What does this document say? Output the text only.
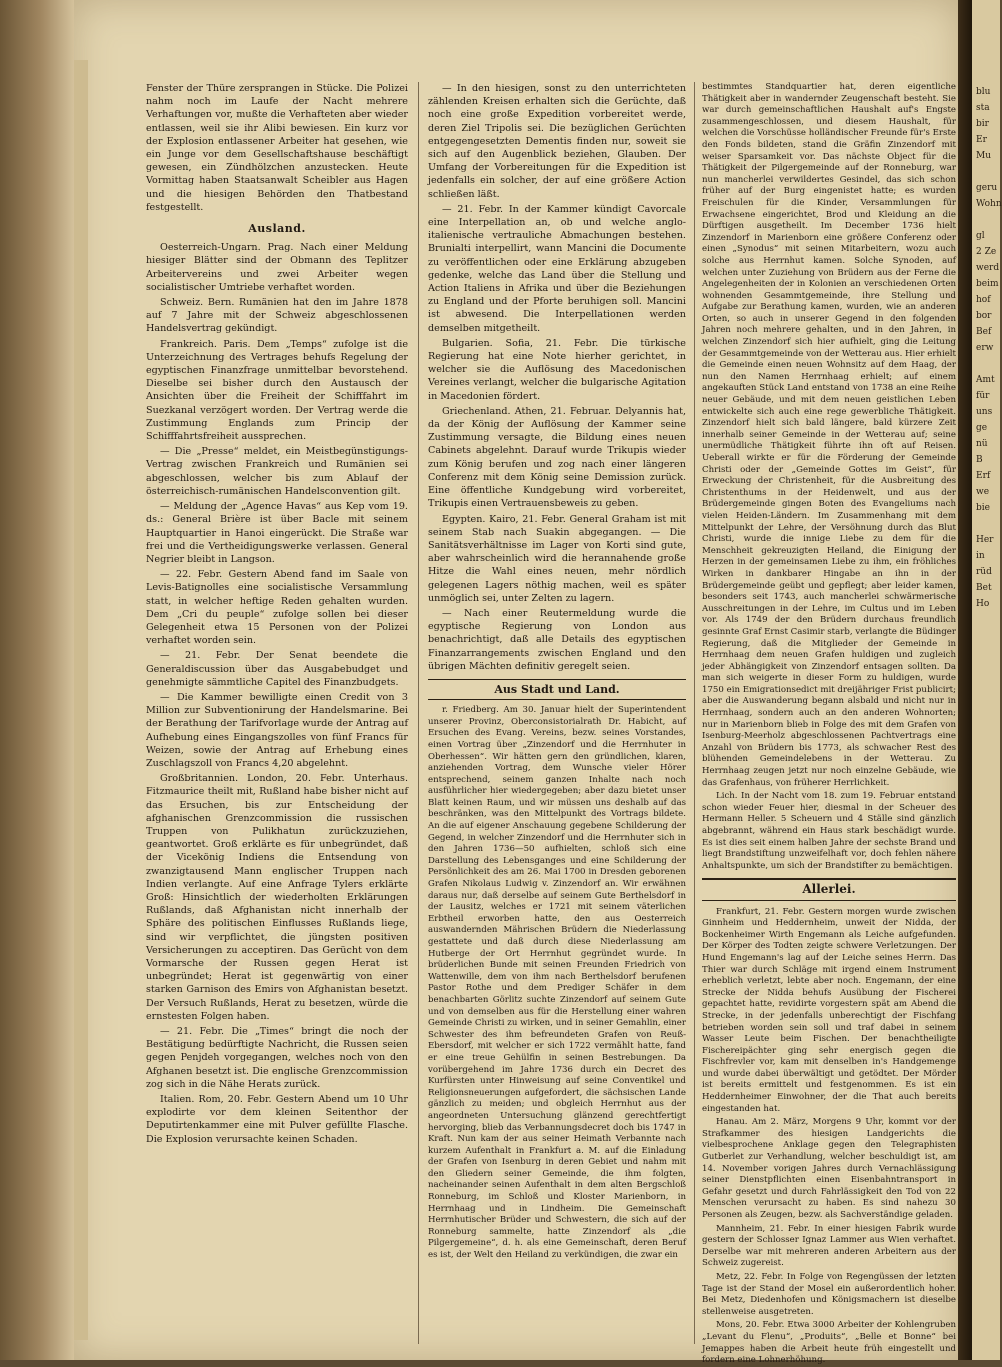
Fenster der Thüre zersprangen in Stücke. Die Polizei nahm noch im Laufe der Nacht mehrere Verhaftungen vor, mußte die Verhafteten aber wieder entlassen, weil sie ihr Alibi bewiesen. Ein kurz vor der Explosion entlassener Arbeiter hat gesehen, wie ein Junge vor dem Gesellschaftshause beschäftigt gewesen, ein Zündhölzchen anzustecken. Heute Vormittag haben Staatsanwalt Scheibler aus Hagen und die hiesigen Behörden den Thatbestand festgestellt.

Ausland.

Oesterreich-Ungarn. Prag. Nach einer Meldung hiesiger Blätter sind der Obmann des Teplitzer Arbeitervereins und zwei Arbeiter wegen socialistischer Umtriebe verhaftet worden.

Schweiz. Bern. Rumänien hat den im Jahre 1878 auf 7 Jahre mit der Schweiz abgeschlossenen Handelsvertrag gekündigt.

Frankreich. Paris. Dem „Temps“ zufolge ist die Unterzeichnung des Vertrages behufs Regelung der egyptischen Finanzfrage unmittelbar bevorstehend. Dieselbe sei bisher durch den Austausch der Ansichten über die Freiheit der Schifffahrt im Suezkanal verzögert worden. Der Vertrag werde die Zustimmung Englands zum Princip der Schifffahrtsfreiheit aussprechen.

— Die „Presse“ meldet, ein Meistbegünstigungs-Vertrag zwischen Frankreich und Rumänien sei abgeschlossen, welcher bis zum Ablauf der österreichisch-rumänischen Handelsconvention gilt.

— Meldung der „Agence Havas“ aus Kep vom 19. ds.: General Brière ist über Bacle mit seinem Hauptquartier in Hanoi eingerückt. Die Straße war frei und die Vertheidigungswerke verlassen. General Negrier bleibt in Langson.

— 22. Febr. Gestern Abend fand im Saale von Levis-Batignolles eine socialistische Versammlung statt, in welcher heftige Reden gehalten wurden. Dem „Cri du peuple“ zufolge sollen bei dieser Gelegenheit etwa 15 Personen von der Polizei verhaftet worden sein.

— 21. Febr. Der Senat beendete die Generaldiscussion über das Ausgabebudget und genehmigte sämmtliche Capitel des Finanzbudgets.

— Die Kammer bewilligte einen Credit von 3 Million zur Subventionirung der Handelsmarine. Bei der Berathung der Tarifvorlage wurde der Antrag auf Aufhebung eines Eingangszolles von fünf Francs für Weizen, sowie der Antrag auf Erhebung eines Zuschlagszoll von Francs 4,20 abgelehnt.

Großbritannien. London, 20. Febr. Unterhaus. Fitzmaurice theilt mit, Rußland habe bisher nicht auf das Ersuchen, bis zur Entscheidung der afghanischen Grenzcommission die russischen Truppen von Pulikhatun zurückzuziehen, geantwortet. Groß erklärte es für unbegründet, daß der Vicekönig Indiens die Entsendung von zwanzigtausend Mann englischer Truppen nach Indien verlangte. Auf eine Anfrage Tylers erklärte Groß: Hinsichtlich der wiederholten Erklärungen Rußlands, daß Afghanistan nicht innerhalb der Sphäre des politischen Einflusses Rußlands liege, sind wir verpflichtet, die jüngsten positiven Versicherungen zu acceptiren. Das Gerücht von dem Vormarsche der Russen gegen Herat ist unbegründet; Herat ist gegenwärtig von einer starken Garnison des Emirs von Afghanistan besetzt. Der Versuch Rußlands, Herat zu besetzen, würde die ernstesten Folgen haben.

— 21. Febr. Die „Times“ bringt die noch der Bestätigung bedürftigte Nachricht, die Russen seien gegen Penjdeh vorgegangen, welches noch von den Afghanen besetzt ist. Die englische Grenzcommission zog sich in die Nähe Herats zurück.

Italien. Rom, 20. Febr. Gestern Abend um 10 Uhr explodirte vor dem kleinen Seitenthor der Deputirtenkammer eine mit Pulver gefüllte Flasche. Die Explosion verursachte keinen Schaden.

— In den hiesigen, sonst zu den unterrichteten zählenden Kreisen erhalten sich die Gerüchte, daß noch eine große Expedition vorbereitet werde, deren Ziel Tripolis sei. Die bezüglichen Gerüchten entgegengesetzten Dementis finden nur, soweit sie sich auf den Augenblick beziehen, Glauben. Der Umfang der Vorbereitungen für die Expedition ist jedenfalls ein solcher, der auf eine größere Action schließen läßt.

— 21. Febr. In der Kammer kündigt Cavorcale eine Interpellation an, ob und welche anglo-italienische vertrauliche Abmachungen bestehen. Brunialti interpellirt, wann Mancini die Documente zu veröffentlichen oder eine Erklärung abzugeben gedenke, welche das Land über die Stellung und Action Italiens in Afrika und über die Beziehungen zu England und der Pforte beruhigen soll. Mancini ist abwesend. Die Interpellationen werden demselben mitgetheilt.

Bulgarien. Sofia, 21. Febr. Die türkische Regierung hat eine Note hierher gerichtet, in welcher sie die Auflösung des Macedonischen Vereines verlangt, welcher die bulgarische Agitation in Macedonien fördert.

Griechenland. Athen, 21. Februar. Delyannis hat, da der König der Auflösung der Kammer seine Zustimmung versagte, die Bildung eines neuen Cabinets abgelehnt. Darauf wurde Trikupis wieder zum König berufen und zog nach einer längeren Conferenz mit dem König seine Demission zurück. Eine öffentliche Kundgebung wird vorbereitet, Trikupis einen Vertrauensbeweis zu geben.

Egypten. Kairo, 21. Febr. General Graham ist mit seinem Stab nach Suakin abgegangen. — Die Sanitätsverhältnisse im Lager von Korti sind gute, aber wahrscheinlich wird die herannahende große Hitze die Wahl eines neuen, mehr nördlich gelegenen Lagers nöthig machen, weil es später unmöglich sei, unter Zelten zu lagern.

— Nach einer Reutermeldung wurde die egyptische Regierung von London aus benachrichtigt, daß alle Details des egyptischen Finanzarrangements zwischen England und den übrigen Mächten definitiv geregelt seien.

Aus Stadt und Land.

r. Friedberg. Am 30. Januar hielt der Superintendent unserer Provinz, Oberconsistorialrath Dr. Habicht, auf Ersuchen des Evang. Vereins, bezw. seines Vorstandes, einen Vortrag über „Zinzendorf und die Herrnhuter in Oberhessen“. Wir hätten gern den gründlichen, klaren, anziehenden Vortrag, dem Wunsche vieler Hörer entsprechend, seinem ganzen Inhalte nach noch ausführlicher hier wiedergegeben; aber dazu bietet unser Blatt keinen Raum, und wir müssen uns deshalb auf das beschränken, was den Mittelpunkt des Vortrags bildete. An die auf eigener Anschauung gegebene Schilderung der Gegend, in welcher Zinzendorf und die Herrnhuter sich in den Jahren 1736—50 aufhielten, schloß sich eine Darstellung des Lebensganges und eine Schilderung der Persönlichkeit des am 26. Mai 1700 in Dresden geborenen Grafen Nikolaus Ludwig v. Zinzendorf an. Wir erwähnen daraus nur, daß derselbe auf seinem Gute Berthelsdorf in der Lausitz, welches er 1721 mit seinem väterlichen Erbtheil erworben hatte, den aus Oesterreich auswandernden Mährischen Brüdern die Niederlassung gestattete und daß durch diese Niederlassung am Hutberge der Ort Herrnhut gegründet wurde. In brüderlichen Bunde mit seinen Freunden Friedrich von Wattenwille, dem von ihm nach Berthelsdorf berufenen Pastor Rothe und dem Prediger Schäfer in dem benachbarten Görlitz suchte Zinzendorf auf seinem Gute und von demselben aus für die Herstellung einer wahren Gemeinde Christi zu wirken, und in seiner Gemahlin, einer Schwester des ihm befreundeten Grafen von Reuß-Ebersdorf, mit welcher er sich 1722 vermählt hatte, fand er eine treue Gehülfin in seinen Bestrebungen. Da vorübergehend im Jahre 1736 durch ein Decret des Kurfürsten unter Hinweisung auf seine Conventikel und Religionsneuerungen aufgefordert, die sächsischen Lande gänzlich zu meiden; und obgleich Herrnhut aus der angeordneten Untersuchung glänzend gerechtfertigt hervorging, blieb das Verbannungsdecret doch bis 1747 in Kraft. Nun kam der aus seiner Heimath Verbannte nach kurzem Aufenthalt in Frankfurt a. M. auf die Einladung der Grafen von Isenburg in deren Gebiet und nahm mit den Gliedern seiner Gemeinde, die ihm folgten, nacheinander seinen Aufenthalt in dem alten Bergschloß Ronneburg, im Schloß und Kloster Marienborn, in Herrnhaag und in Lindheim. Die Gemeinschaft Herrnhutischer Brüder und Schwestern, die sich auf der Ronneburg sammelte, hatte Zinzendorf als „die Pilgergemeine“, d. h. als eine Gemeinschaft, deren Beruf es ist, der Welt den Heiland zu verkündigen, die zwar ein

bestimmtes Standquartier hat, deren eigentliche Thätigkeit aber in wandernder Zeugenschaft besteht. Sie war durch gemeinschaftlichen Haushalt auf's Engste zusammengeschlossen, und diesem Haushalt, für welchen die Vorschüsse holländischer Freunde für's Erste den Fonds bildeten, stand die Gräfin Zinzendorf mit weiser Sparsamkeit vor. Das nächste Object für die Thätigkeit der Pilgergemeinde auf der Ronneburg, war nun mancherlei verwildertes Gesindel, das sich schon früher auf der Burg eingenistet hatte; es wurden Freischulen für die Kinder, Versammlungen für Erwachsene eingerichtet, Brod und Kleidung an die Dürftigen ausgetheilt. Im December 1736 hielt Zinzendorf in Marienborn eine größere Conferenz oder einen „Synodus“ mit seinen Mitarbeitern, wozu auch solche aus Herrnhut kamen. Solche Synoden, auf welchen unter Zuziehung von Brüdern aus der Ferne die Angelegenheiten der in Kolonien an verschiedenen Orten wohnenden Gesammtgemeinde, ihre Stellung und Aufgabe zur Berathung kamen, wurden, wie an anderen Orten, so auch in unserer Gegend in den folgenden Jahren noch mehrere gehalten, und in den Jahren, in welchen Zinzendorf sich hier aufhielt, ging die Leitung der Gesammtgemeinde von der Wetterau aus. Hier erhielt die Gemeinde einen neuen Wohnsitz auf dem Haag, der nun den Namen Herrnhaag erhielt; auf einem angekauften Stück Land entstand von 1738 an eine Reihe neuer Gebäude, und mit dem neuen geistlichen Leben entwickelte sich auch eine rege gewerbliche Thätigkeit. Zinzendorf hielt sich bald längere, bald kürzere Zeit innerhalb seiner Gemeinde in der Wetterau auf; seine unermüdliche Thätigkeit führte ihn oft auf Reisen. Ueberall wirkte er für die Förderung der Gemeinde Christi oder der „Gemeinde Gottes im Geist“, für Erweckung der Christenheit, für die Ausbreitung des Christenthums in der Heidenwelt, und aus der Brüdergemeinde gingen Boten des Evangeliums nach vielen Heiden-Ländern. Im Zusammenhang mit dem Mittelpunkt der Lehre, der Versöhnung durch das Blut Christi, wurde die innige Liebe zu dem für die Menschheit gekreuzigten Heiland, die Einigung der Herzen in der gemeinsamen Liebe zu ihm, ein fröhliches Wirken in dankbarer Hingabe an ihn in der Brüdergemeinde geübt und gepflegt; aber leider kamen, besonders seit 1743, auch mancherlei schwärmerische Ausschreitungen in der Lehre, im Cultus und im Leben vor. Als 1749 der den Brüdern durchaus freundlich gesinnte Graf Ernst Casimir starb, verlangte die Büdinger Regierung, daß die Mitglieder der Gemeinde in Herrnhaag dem neuen Grafen huldigen und zugleich jeder Abhängigkeit von Zinzendorf entsagen sollten. Da man sich weigerte in dieser Form zu huldigen, wurde 1750 ein Emigrationsedict mit dreijähriger Frist publicirt; aber die Auswanderung begann alsbald und nicht nur in Herrnhaag, sondern auch an den anderen Wohnorten; nur in Marienborn blieb in Folge des mit dem Grafen von Isenburg-Meerholz abgeschlossenen Pachtvertrags eine Anzahl von Brüdern bis 1773, als schwacher Rest des blühenden Gemeindelebens in der Wetterau. Zu Herrnhaag zeugen jetzt nur noch einzelne Gebäude, wie das Grafenhaus, von früherer Herrlichkeit.

Lich. In der Nacht vom 18. zum 19. Februar entstand schon wieder Feuer hier, diesmal in der Scheuer des Hermann Heller. 5 Scheuern und 4 Ställe sind gänzlich abgebrannt, während ein Haus stark beschädigt wurde. Es ist dies seit einem halben Jahre der sechste Brand und liegt Brandstiftung unzweifelhaft vor, doch fehlen nähere Anhaltspunkte, um sich der Brandstifter zu bemächtigen.

Allerlei.

Frankfurt, 21. Febr. Gestern morgen wurde zwischen Ginnheim und Heddernheim, unweit der Nidda, der Bockenheimer Wirth Engemann als Leiche aufgefunden. Der Körper des Todten zeigte schwere Verletzungen. Der Hund Engemann's lag auf der Leiche seines Herrn. Das Thier war durch Schläge mit irgend einem Instrument erheblich verletzt, lebte aber noch. Engemann, der eine Strecke der Nidda behufs Ausübung der Fischerei gepachtet hatte, revidirte vorgestern spät am Abend die Strecke, in der jedenfalls unberechtigt der Fischfang betrieben worden sein soll und traf dabei in seinem Wasser Leute beim Fischen. Der benachtheiligte Fischereipächter ging sehr energisch gegen die Fischfrevler vor, kam mit denselben in's Handgemenge und wurde dabei überwältigt und getödtet. Der Mörder ist bereits ermittelt und festgenommen. Es ist ein Heddernheimer Einwohner, der die That auch bereits eingestanden hat.

Hanau. Am 2. März, Morgens 9 Uhr, kommt vor der Strafkammer des hiesigen Landgerichts die vielbesprochene Anklage gegen den Telegraphisten Gutberlet zur Verhandlung, welcher beschuldigt ist, am 14. November vorigen Jahres durch Vernachlässigung seiner Dienstpflichten einen Eisenbahntransport in Gefahr gesetzt und durch Fahrlässigkeit den Tod von 22 Menschen verursacht zu haben. Es sind nahezu 30 Personen als Zeugen, bezw. als Sachverständige geladen.

Mannheim, 21. Febr. In einer hiesigen Fabrik wurde gestern der Schlosser Ignaz Lammer aus Wien verhaftet. Derselbe war mit mehreren anderen Arbeitern aus der Schweiz zugereist.

Metz, 22. Febr. In Folge von Regengüssen der letzten Tage ist der Stand der Mosel ein außerordentlich hoher. Bei Metz, Diedenhofen und Königsmachern ist dieselbe stellenweise ausgetreten.

Mons, 20. Febr. Etwa 3000 Arbeiter der Kohlengruben „Levant du Flenu“, „Produits“, „Belle et Bonne“ bei Jemappes haben die Arbeit heute früh eingestellt und fordern eine Lohnerhöhung.

blu
sta
bir
Er
Mu

geru
Wohn

gl
2 Ze
werd
beim
hof
bor
Bef
erw

Amt
für
uns
ge
nü
B
Erf
we
bie

Her
in
rüd
Bet
Ho
